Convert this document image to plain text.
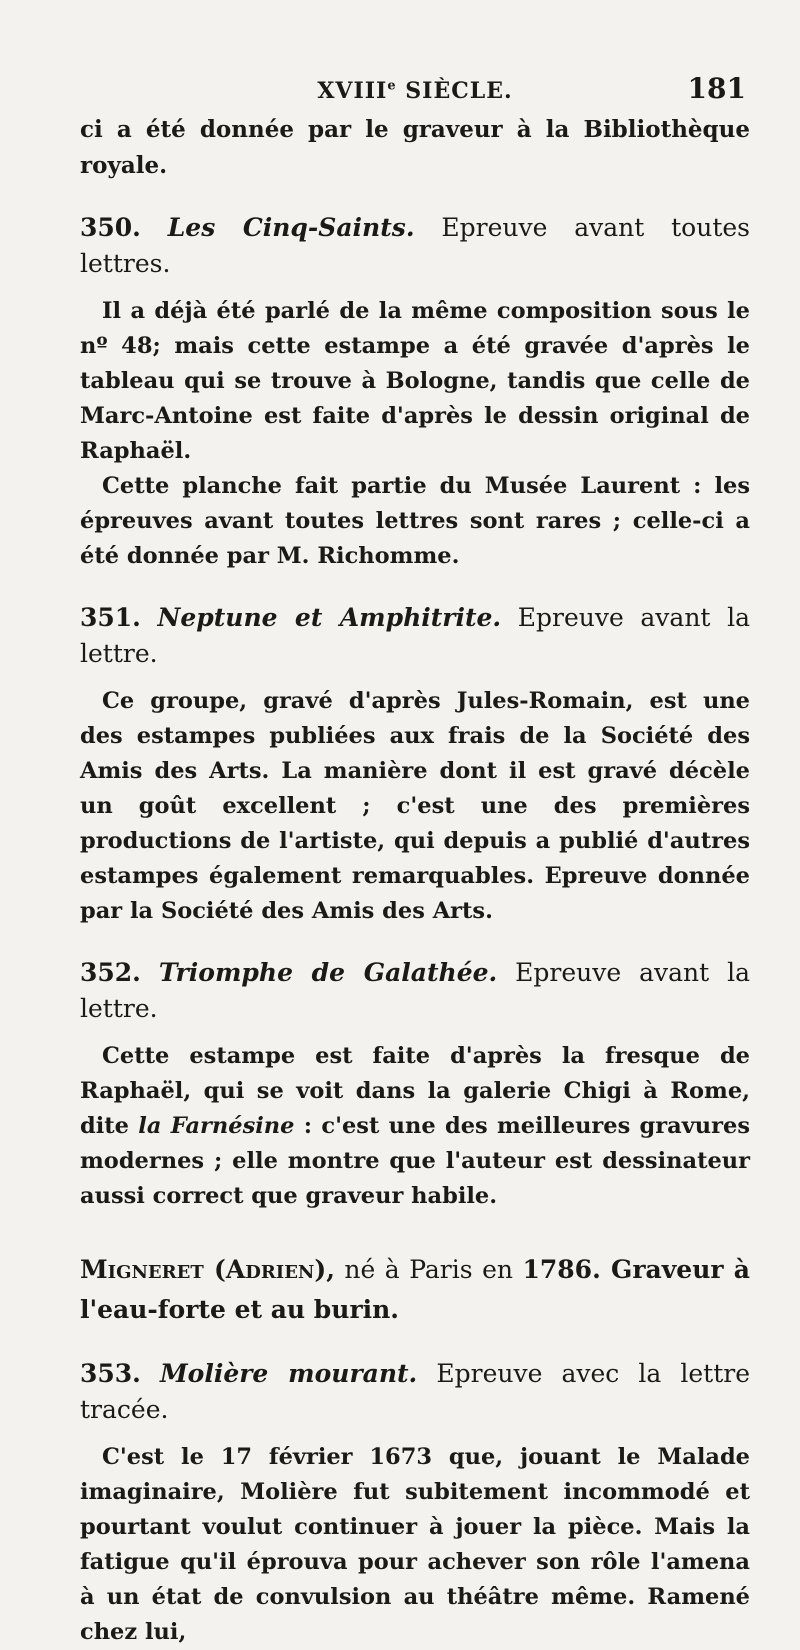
XVIIIe SIÈCLE.	181

ci a été donnée par le graveur à la Bibliothèque royale.

350. Les Cinq-Saints. Epreuve avant toutes lettres.

Il a déjà été parlé de la même composition sous le nº 48; mais cette estampe a été gravée d'après le tableau qui se trouve à Bologne, tandis que celle de Marc-Antoine est faite d'après le dessin original de Raphaël.

Cette planche fait partie du Musée Laurent : les épreuves avant toutes lettres sont rares ; celle-ci a été donnée par M. Richomme.

351. Neptune et Amphitrite. Epreuve avant la lettre.

Ce groupe, gravé d'après Jules-Romain, est une des estampes publiées aux frais de la Société des Amis des Arts. La manière dont il est gravé décèle un goût excellent ; c'est une des premières productions de l'artiste, qui depuis a publié d'autres estampes également remarquables. Epreuve donnée par la Société des Amis des Arts.

352. Triomphe de Galathée. Epreuve avant la lettre.

Cette estampe est faite d'après la fresque de Raphaël, qui se voit dans la galerie Chigi à Rome, dite la Farnésine : c'est une des meilleures gravures modernes ; elle montre que l'auteur est dessinateur aussi correct que graveur habile.

Migneret (Adrien), né à Paris en 1786. Graveur à l'eau-forte et au burin.

353. Molière mourant. Epreuve avec la lettre tracée.

C'est le 17 février 1673 que, jouant le Malade imaginaire, Molière fut subitement incommodé et pourtant voulut continuer à jouer la pièce. Mais la fatigue qu'il éprouva pour achever son rôle l'amena à un état de convulsion au théâtre même. Ramené chez lui,
